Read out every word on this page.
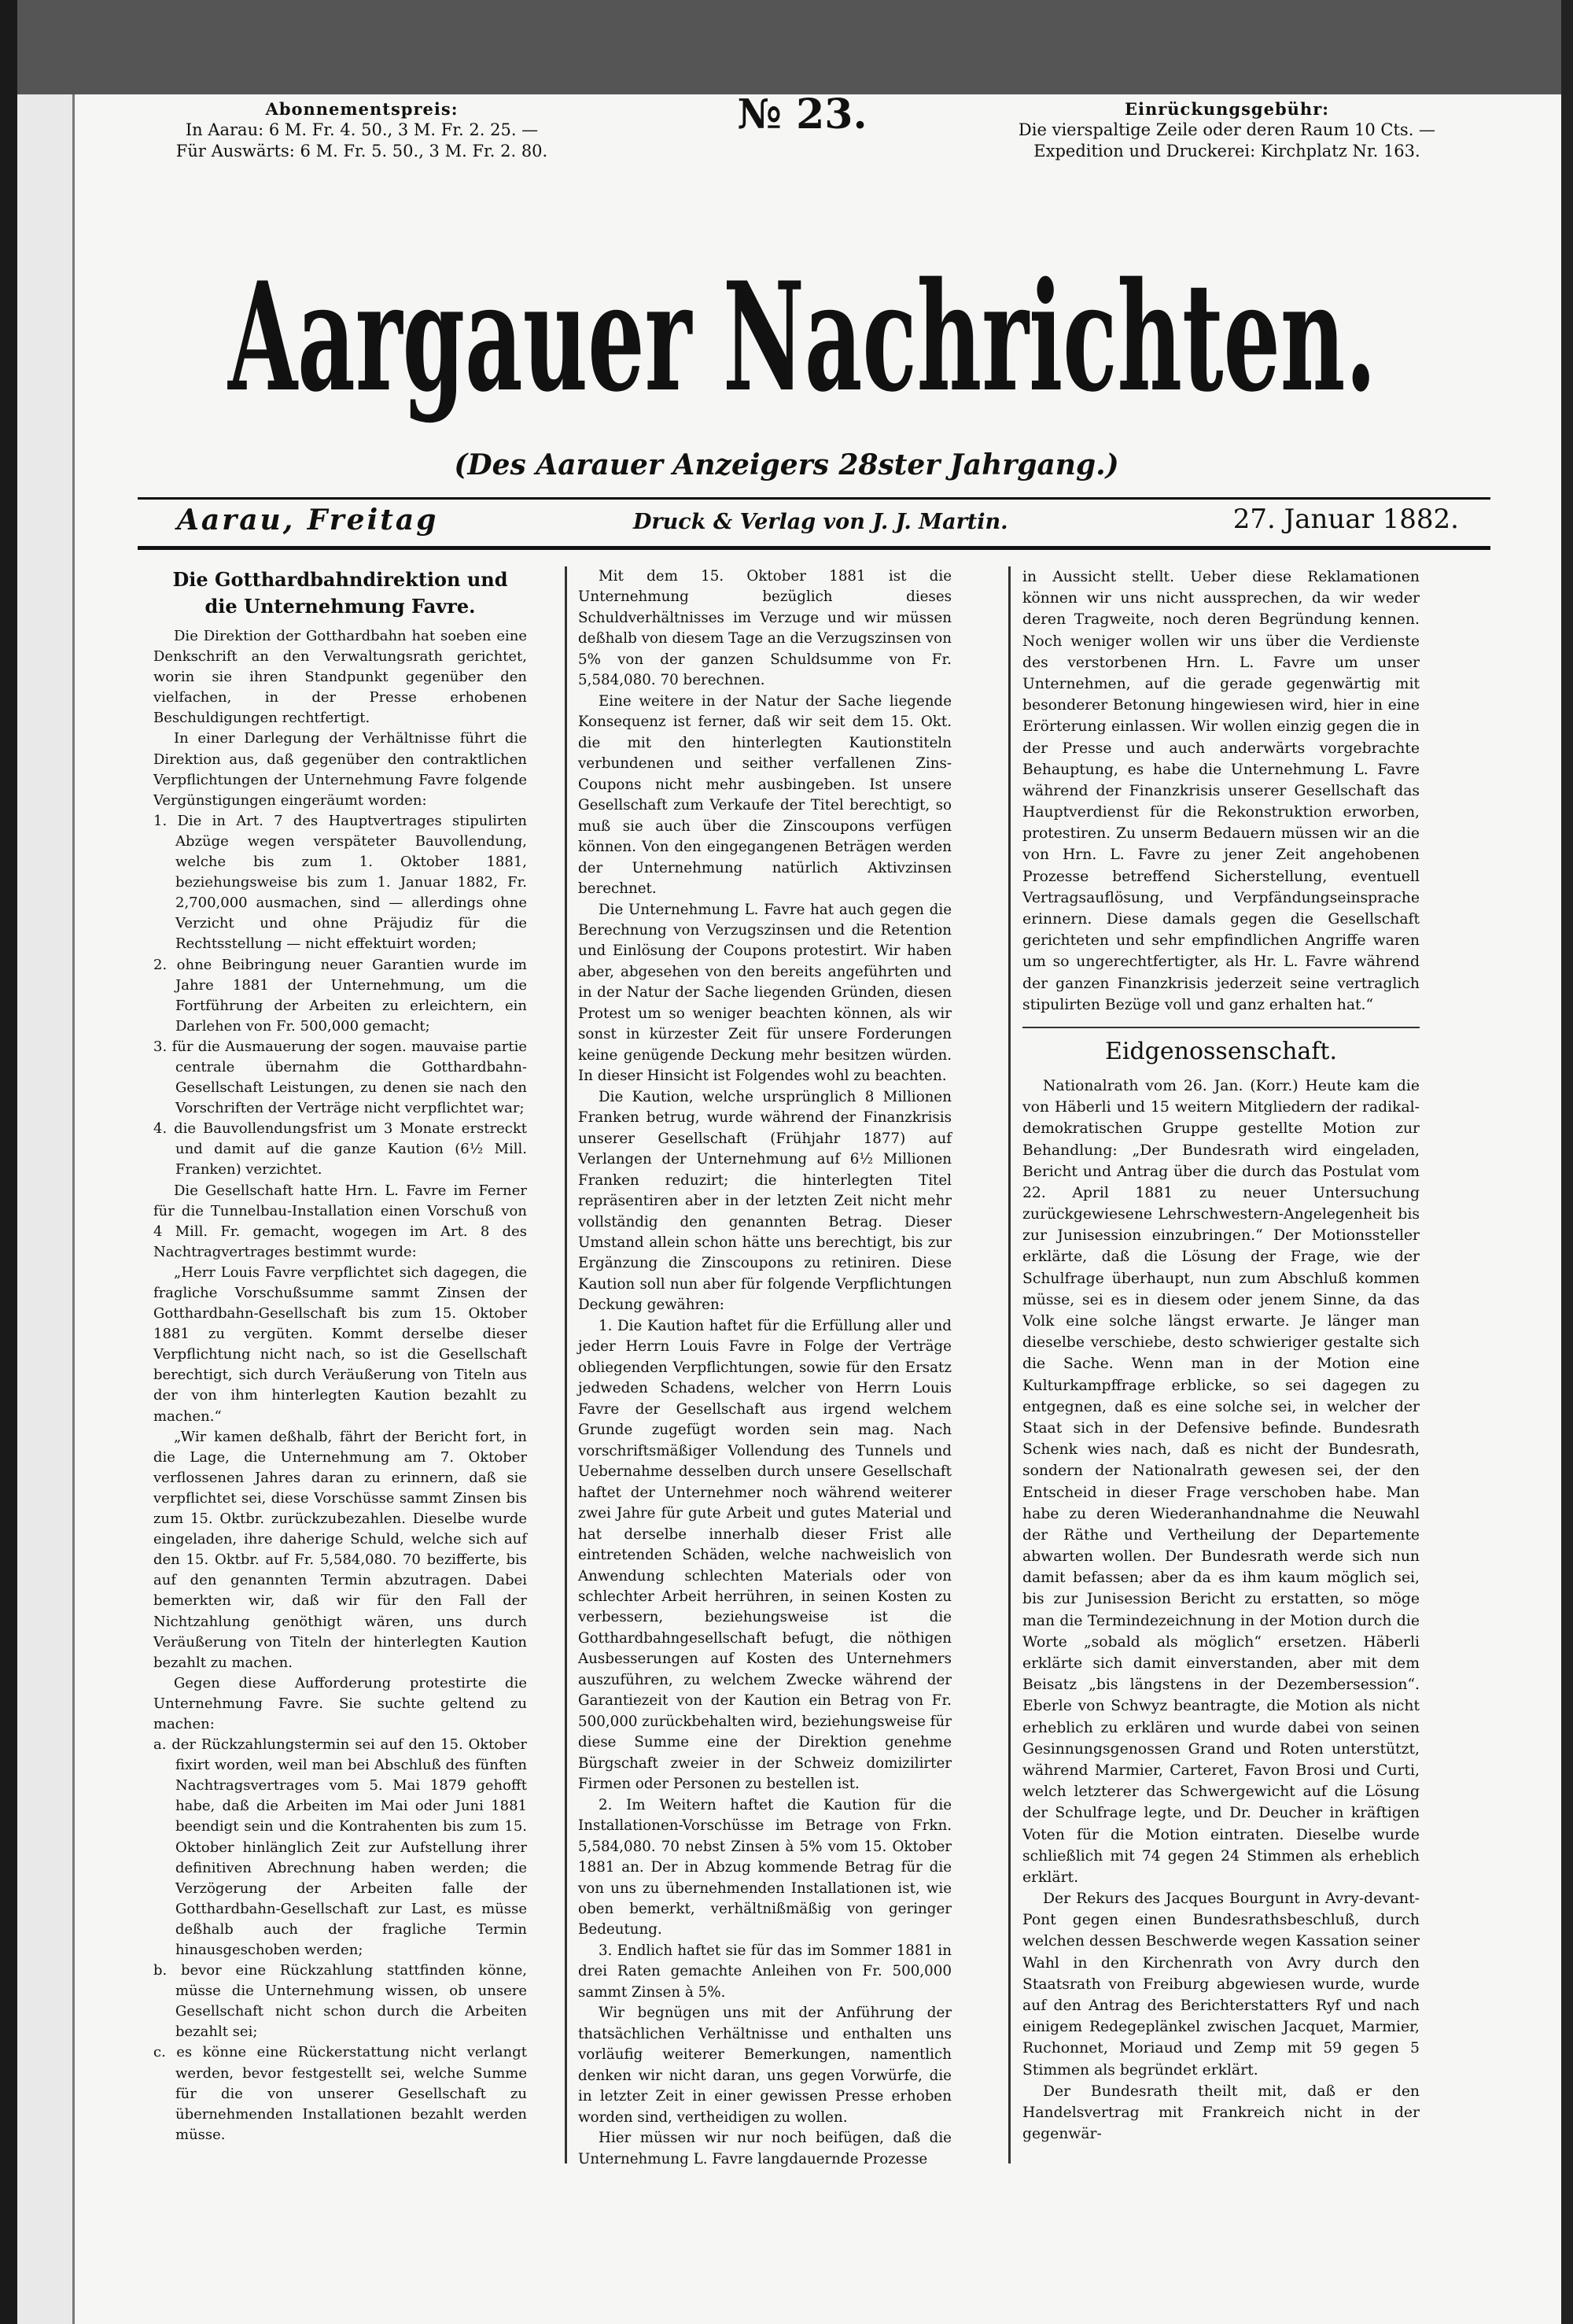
Abonnementspreis:
In Aarau: 6 M. Fr. 4. 50., 3 M. Fr. 2. 25. —
Für Auswärts: 6 M. Fr. 5. 50., 3 M. Fr. 2. 80.
№ 23.	Einrückungsgebühr:
Die vierspaltige Zeile oder deren Raum 10 Cts. —
Expedition und Druckerei: Kirchplatz Nr. 163.
Aargauer Nachrichten.
(Des Aarauer Anzeigers 28ster Jahrgang.)
Aarau, Freitag	Druck & Verlag von J. J. Martin.	27. Januar 1882.
Die Gotthardbahndirektion und die Unternehmung Favre.

Die Direktion der Gotthardbahn hat soeben eine Denkschrift an den Verwaltungsrath gerichtet, worin sie ihren Standpunkt gegenüber den vielfachen, in der Presse erhobenen Beschuldigungen rechtfertigt.

In einer Darlegung der Verhältnisse führt die Direktion aus, daß gegenüber den contraktlichen Verpflichtungen der Unternehmung Favre folgende Vergünstigungen eingeräumt worden:

1. Die in Art. 7 des Hauptvertrages stipulirten Abzüge wegen verspäteter Bauvollendung, welche bis zum 1. Oktober 1881, beziehungsweise bis zum 1. Januar 1882, Fr. 2,700,000 ausmachen, sind — allerdings ohne Verzicht und ohne Präjudiz für die Rechtsstellung — nicht effektuirt worden;

2. ohne Beibringung neuer Garantien wurde im Jahre 1881 der Unternehmung, um die Fortführung der Arbeiten zu erleichtern, ein Darlehen von Fr. 500,000 gemacht;

3. für die Ausmauerung der sogen. mauvaise partie centrale übernahm die Gotthardbahn-Gesellschaft Leistungen, zu denen sie nach den Vorschriften der Verträge nicht verpflichtet war;

4. die Bauvollendungsfrist um 3 Monate erstreckt und damit auf die ganze Kaution (6½ Mill. Franken) verzichtet.

Die Gesellschaft hatte Hrn. L. Favre im Ferner für die Tunnelbau-Installation einen Vorschuß von 4 Mill. Fr. gemacht, wogegen im Art. 8 des Nachtragvertrages bestimmt wurde:

„Herr Louis Favre verpflichtet sich dagegen, die fragliche Vorschußsumme sammt Zinsen der Gotthardbahn-Gesellschaft bis zum 15. Oktober 1881 zu vergüten. Kommt derselbe dieser Verpflichtung nicht nach, so ist die Gesellschaft berechtigt, sich durch Veräußerung von Titeln aus der von ihm hinterlegten Kaution bezahlt zu machen.“

„Wir kamen deßhalb, fährt der Bericht fort, in die Lage, die Unternehmung am 7. Oktober verflossenen Jahres daran zu erinnern, daß sie verpflichtet sei, diese Vorschüsse sammt Zinsen bis zum 15. Oktbr. zurückzubezahlen. Dieselbe wurde eingeladen, ihre daherige Schuld, welche sich auf den 15. Oktbr. auf Fr. 5,584,080. 70 bezifferte, bis auf den genannten Termin abzutragen. Dabei bemerkten wir, daß wir für den Fall der Nichtzahlung genöthigt wären, uns durch Veräußerung von Titeln der hinterlegten Kaution bezahlt zu machen.

Gegen diese Aufforderung protestirte die Unternehmung Favre. Sie suchte geltend zu machen:

a. der Rückzahlungstermin sei auf den 15. Oktober fixirt worden, weil man bei Abschluß des fünften Nachtragsvertrages vom 5. Mai 1879 gehofft habe, daß die Arbeiten im Mai oder Juni 1881 beendigt sein und die Kontrahenten bis zum 15. Oktober hinlänglich Zeit zur Aufstellung ihrer definitiven Abrechnung haben werden; die Verzögerung der Arbeiten falle der Gotthardbahn-Gesellschaft zur Last, es müsse deßhalb auch der fragliche Termin hinausgeschoben werden;

b. bevor eine Rückzahlung stattfinden könne, müsse die Unternehmung wissen, ob unsere Gesellschaft nicht schon durch die Arbeiten bezahlt sei;

c. es könne eine Rückerstattung nicht verlangt werden, bevor festgestellt sei, welche Summe für die von unserer Gesellschaft zu übernehmenden Installationen bezahlt werden müsse.

Mit dem 15. Oktober 1881 ist die Unternehmung bezüglich dieses Schuldverhältnisses im Verzuge und wir müssen deßhalb von diesem Tage an die Verzugszinsen von 5% von der ganzen Schuldsumme von Fr. 5,584,080. 70 berechnen.

Eine weitere in der Natur der Sache liegende Konsequenz ist ferner, daß wir seit dem 15. Okt. die mit den hinterlegten Kautionstiteln verbundenen und seither verfallenen Zins-Coupons nicht mehr ausbingeben. Ist unsere Gesellschaft zum Verkaufe der Titel berechtigt, so muß sie auch über die Zinscoupons verfügen können. Von den eingegangenen Beträgen werden der Unternehmung natürlich Aktivzinsen berechnet.

Die Unternehmung L. Favre hat auch gegen die Berechnung von Verzugszinsen und die Retention und Einlösung der Coupons protestirt. Wir haben aber, abgesehen von den bereits angeführten und in der Natur der Sache liegenden Gründen, diesen Protest um so weniger beachten können, als wir sonst in kürzester Zeit für unsere Forderungen keine genügende Deckung mehr besitzen würden. In dieser Hinsicht ist Folgendes wohl zu beachten.

Die Kaution, welche ursprünglich 8 Millionen Franken betrug, wurde während der Finanzkrisis unserer Gesellschaft (Frühjahr 1877) auf Verlangen der Unternehmung auf 6½ Millionen Franken reduzirt; die hinterlegten Titel repräsentiren aber in der letzten Zeit nicht mehr vollständig den genannten Betrag. Dieser Umstand allein schon hätte uns berechtigt, bis zur Ergänzung die Zinscoupons zu retiniren. Diese Kaution soll nun aber für folgende Verpflichtungen Deckung gewähren:

1. Die Kaution haftet für die Erfüllung aller und jeder Herrn Louis Favre in Folge der Verträge obliegenden Verpflichtungen, sowie für den Ersatz jedweden Schadens, welcher von Herrn Louis Favre der Gesellschaft aus irgend welchem Grunde zugefügt worden sein mag. Nach vorschriftsmäßiger Vollendung des Tunnels und Uebernahme desselben durch unsere Gesellschaft haftet der Unternehmer noch während weiterer zwei Jahre für gute Arbeit und gutes Material und hat derselbe innerhalb dieser Frist alle eintretenden Schäden, welche nachweislich von Anwendung schlechten Materials oder von schlechter Arbeit herrühren, in seinen Kosten zu verbessern, beziehungsweise ist die Gotthardbahngesellschaft befugt, die nöthigen Ausbesserungen auf Kosten des Unternehmers auszuführen, zu welchem Zwecke während der Garantiezeit von der Kaution ein Betrag von Fr. 500,000 zurückbehalten wird, beziehungsweise für diese Summe eine der Direktion genehme Bürgschaft zweier in der Schweiz domizilirter Firmen oder Personen zu bestellen ist.

2. Im Weitern haftet die Kaution für die Installationen-Vorschüsse im Betrage von Frkn. 5,584,080. 70 nebst Zinsen à 5% vom 15. Oktober 1881 an. Der in Abzug kommende Betrag für die von uns zu übernehmenden Installationen ist, wie oben bemerkt, verhältnißmäßig von geringer Bedeutung.

3. Endlich haftet sie für das im Sommer 1881 in drei Raten gemachte Anleihen von Fr. 500,000 sammt Zinsen à 5%.

Wir begnügen uns mit der Anführung der thatsächlichen Verhältnisse und enthalten uns vorläufig weiterer Bemerkungen, namentlich denken wir nicht daran, uns gegen Vorwürfe, die in letzter Zeit in einer gewissen Presse erhoben worden sind, vertheidigen zu wollen.

Hier müssen wir nur noch beifügen, daß die Unternehmung L. Favre langdauernde Prozesse

in Aussicht stellt. Ueber diese Reklamationen können wir uns nicht aussprechen, da wir weder deren Tragweite, noch deren Begründung kennen. Noch weniger wollen wir uns über die Verdienste des verstorbenen Hrn. L. Favre um unser Unternehmen, auf die gerade gegenwärtig mit besonderer Betonung hingewiesen wird, hier in eine Erörterung einlassen. Wir wollen einzig gegen die in der Presse und auch anderwärts vorgebrachte Behauptung, es habe die Unternehmung L. Favre während der Finanzkrisis unserer Gesellschaft das Hauptverdienst für die Rekonstruktion erworben, protestiren. Zu unserm Bedauern müssen wir an die von Hrn. L. Favre zu jener Zeit angehobenen Prozesse betreffend Sicherstellung, eventuell Vertragsauflösung, und Verpfändungseinsprache erinnern. Diese damals gegen die Gesellschaft gerichteten und sehr empfindlichen Angriffe waren um so ungerechtfertigter, als Hr. L. Favre während der ganzen Finanzkrisis jederzeit seine vertraglich stipulirten Bezüge voll und ganz erhalten hat.“

Eidgenossenschaft.

Nationalrath vom 26. Jan. (Korr.) Heute kam die von Häberli und 15 weitern Mitgliedern der radikal-demokratischen Gruppe gestellte Motion zur Behandlung: „Der Bundesrath wird eingeladen, Bericht und Antrag über die durch das Postulat vom 22. April 1881 zu neuer Untersuchung zurückgewiesene Lehrschwestern-Angelegenheit bis zur Junisession einzubringen.“ Der Motionssteller erklärte, daß die Lösung der Frage, wie der Schulfrage überhaupt, nun zum Abschluß kommen müsse, sei es in diesem oder jenem Sinne, da das Volk eine solche längst erwarte. Je länger man dieselbe verschiebe, desto schwieriger gestalte sich die Sache. Wenn man in der Motion eine Kulturkampffrage erblicke, so sei dagegen zu entgegnen, daß es eine solche sei, in welcher der Staat sich in der Defensive befinde. Bundesrath Schenk wies nach, daß es nicht der Bundesrath, sondern der Nationalrath gewesen sei, der den Entscheid in dieser Frage verschoben habe. Man habe zu deren Wiederanhandnahme die Neuwahl der Räthe und Vertheilung der Departemente abwarten wollen. Der Bundesrath werde sich nun damit befassen; aber da es ihm kaum möglich sei, bis zur Junisession Bericht zu erstatten, so möge man die Termindezeichnung in der Motion durch die Worte „sobald als möglich“ ersetzen. Häberli erklärte sich damit einverstanden, aber mit dem Beisatz „bis längstens in der Dezembersession“. Eberle von Schwyz beantragte, die Motion als nicht erheblich zu erklären und wurde dabei von seinen Gesinnungsgenossen Grand und Roten unterstützt, während Marmier, Carteret, Favon Brosi und Curti, welch letzterer das Schwergewicht auf die Lösung der Schulfrage legte, und Dr. Deucher in kräftigen Voten für die Motion eintraten. Dieselbe wurde schließlich mit 74 gegen 24 Stimmen als erheblich erklärt.

Der Rekurs des Jacques Bourgunt in Avry-devant-Pont gegen einen Bundesrathsbeschluß, durch welchen dessen Beschwerde wegen Kassation seiner Wahl in den Kirchenrath von Avry durch den Staatsrath von Freiburg abgewiesen wurde, wurde auf den Antrag des Berichterstatters Ryf und nach einigem Redegeplänkel zwischen Jacquet, Marmier, Ruchonnet, Moriaud und Zemp mit 59 gegen 5 Stimmen als begründet erklärt.

Der Bundesrath theilt mit, daß er den Handelsvertrag mit Frankreich nicht in der gegenwär-
